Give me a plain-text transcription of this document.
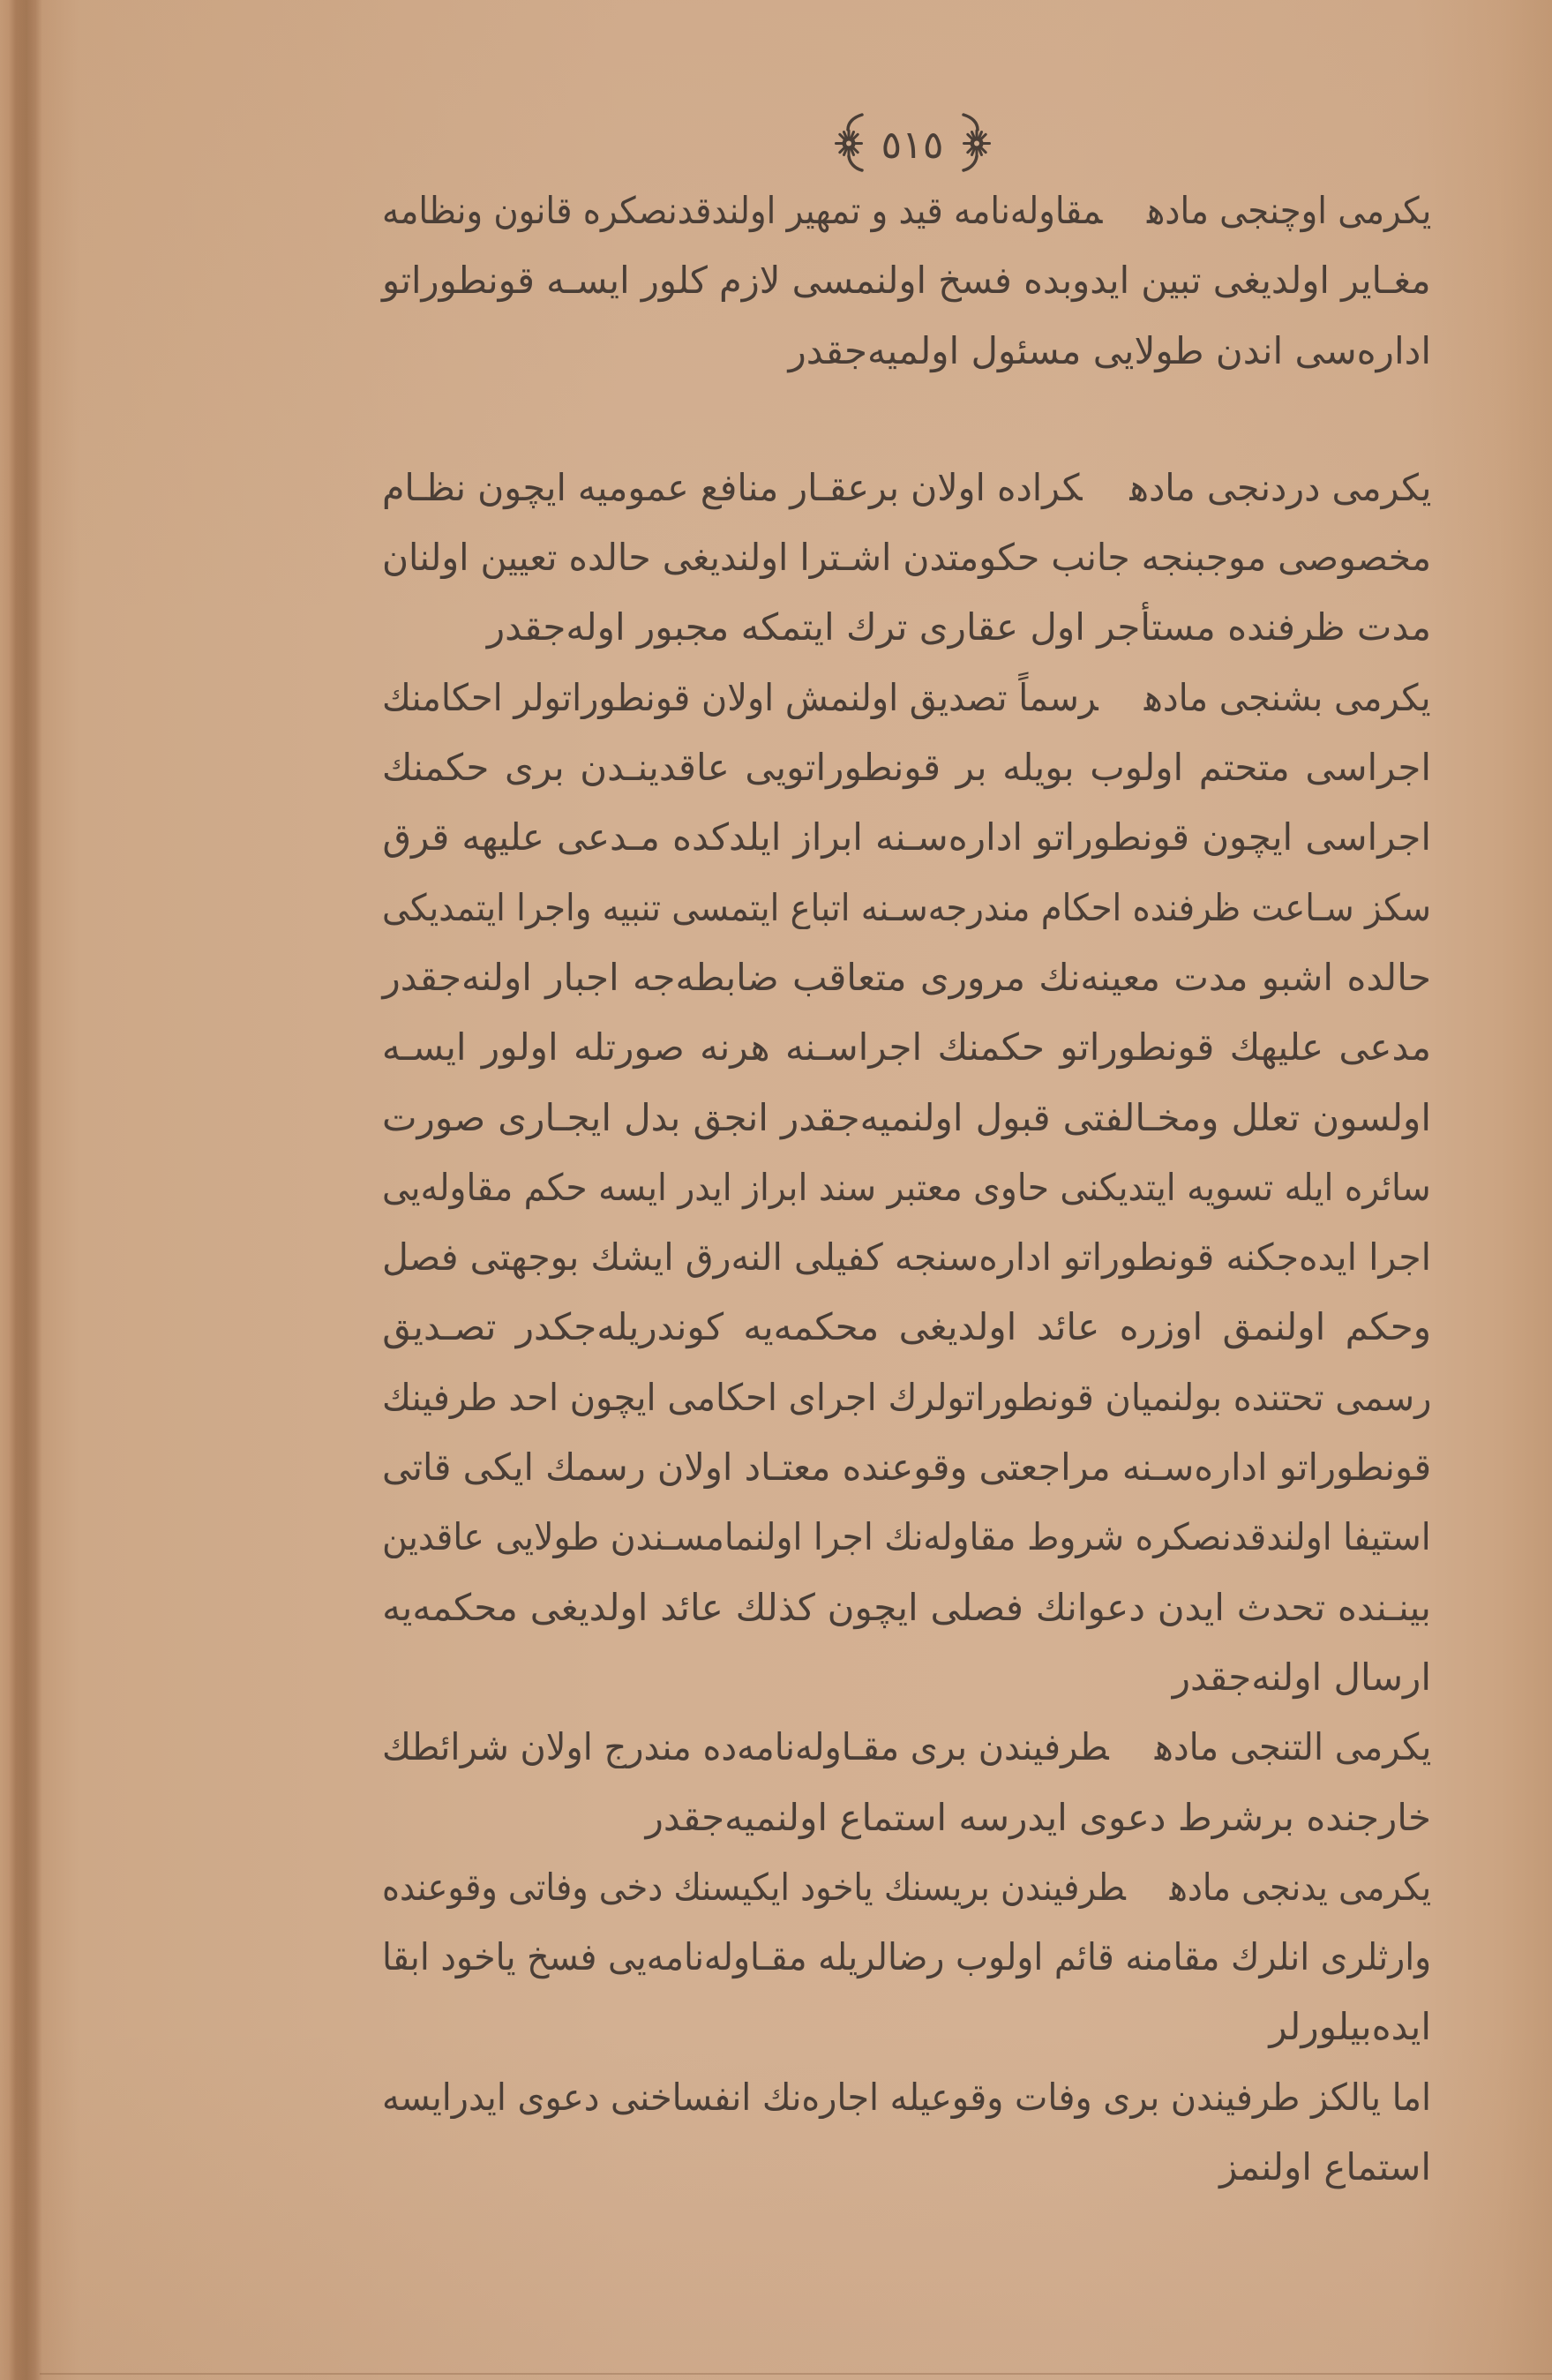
٥١٥
یکرمی اوچنجی مادهمقاوله‌نامه قید و تمهیر اولندقدنصکره قانون ونظامه
مغـایر اولدیغی تبین ایدوبده فسخ اولنمسی لازم کلور ایسـه قونطوراتو
اداره‌سی اندن طولایی مسئول اولمیه‌جقدر
یکرمی دردنجی مادهکراده اولان برعقـار منافع عمومیه ایچون نظـام
مخصوصی موجبنجه جانب حکومتدن اشـترا اولندیغی حالده تعیین اولنان
مدت ظرفنده مستأجر اول عقاری ترك ایتمکه مجبور اوله‌جقدر
یکرمی بشنجی مادهرسماً تصدیق اولنمش اولان قونطوراتولر احکامنك
اجراسی متحتم اولوب بویله بر قونطوراتویی عاقدینـدن بری حکمنك
اجراسی ایچون قونطوراتو اداره‌سـنه ابراز ایلدکده مـدعی علیهه قرق
سکز سـاعت ظرفنده احکام مندرجه‌سـنه اتباع ایتمسی تنبیه واجرا ایتمدیکی
حالده اشبو مدت معینه‌نك مروری متعاقب ضابطه‌جه اجبار اولنه‌جقدر
مدعی علیهك قونطوراتو حکمنك اجراسـنه هرنه صورتله اولور ایسـه
اولسون تعلل ومخـالفتی قبول اولنمیه‌جقدر انجق بدل ایجـاری صورت
سائره ایله تسویه ایتدیکنی حاوی معتبر سند ابراز ایدر ایسه حکم مقاوله‌یی
اجرا ایده‌جکنه قونطوراتو اداره‌سنجه کفیلی النه‌رق ایشك بوجهتی فصل
وحکم اولنمق اوزره عائد اولدیغی محکمه‌یه کوندریله‌جکدر تصـدیق
رسمی تحتنده بولنمیان قونطوراتولرك اجرای احکامی ایچون احد طرفینك
قونطوراتو اداره‌سـنه مراجعتی وقوعنده معتـاد اولان رسمك ایکی قاتی
استیفا اولندقدنصکره شروط مقاوله‌نك اجرا اولنمامسـندن طولایی عاقدین
بینـنده تحدث ایدن دعوانك فصلی ایچون کذلك عائد اولدیغی محکمه‌یه
ارسال اولنه‌جقدر
یکرمی التنجی مادهطرفیندن بری مقـاوله‌نامه‌ده مندرج اولان شرائطك
خارجنده برشرط دعوی ایدرسه استماع اولنمیه‌جقدر
یکرمی یدنجی مادهطرفیندن بریسنك یاخود ایکیسنك دخی وفاتی وقوعنده
وارثلری انلرك مقامنه قائم اولوب رضالریله مقـاوله‌نامه‌یی فسخ یاخود ابقا
ایده‌بیلورلر
اما یالکز طرفیندن بری وفات وقوعیله اجاره‌نك انفساخنی دعوی ایدرایسه
استماع اولنمز
